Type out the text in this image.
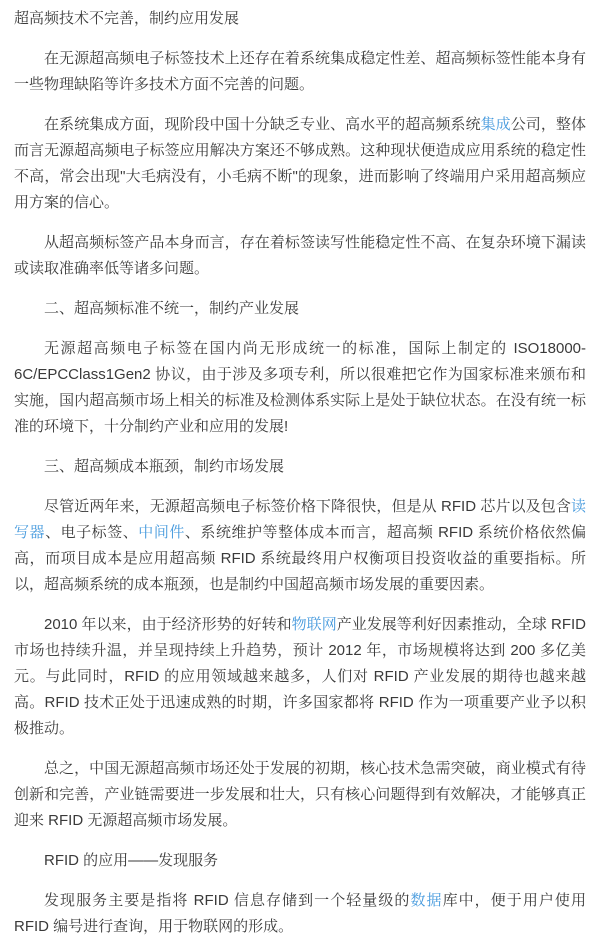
超高频技术不完善，制约应用发展

在无源超高频电子标签技术上还存在着系统集成稳定性差、超高频标签性能本身有一些物理缺陷等许多技术方面不完善的问题。

在系统集成方面，现阶段中国十分缺乏专业、高水平的超高频系统集成公司，整体而言无源超高频电子标签应用解决方案还不够成熟。这种现状便造成应用系统的稳定性不高，常会出现"大毛病没有，小毛病不断"的现象，进而影响了终端用户采用超高频应用方案的信心。

从超高频标签产品本身而言，存在着标签读写性能稳定性不高、在复杂环境下漏读或读取准确率低等诸多问题。

二、超高频标准不统一，制约产业发展

无源超高频电子标签在国内尚无形成统一的标准，国际上制定的 ISO18000-6C/EPCClass1Gen2 协议，由于涉及多项专利，所以很难把它作为国家标准来颁布和实施，国内超高频市场上相关的标准及检测体系实际上是处于缺位状态。在没有统一标准的环境下，十分制约产业和应用的发展!

三、超高频成本瓶颈，制约市场发展

尽管近两年来，无源超高频电子标签价格下降很快，但是从 RFID 芯片以及包含读写器、电子标签、中间件、系统维护等整体成本而言，超高频 RFID 系统价格依然偏高，而项目成本是应用超高频 RFID 系统最终用户权衡项目投资收益的重要指标。所以，超高频系统的成本瓶颈，也是制约中国超高频市场发展的重要因素。

2010 年以来，由于经济形势的好转和物联网产业发展等利好因素推动，全球 RFID 市场也持续升温，并呈现持续上升趋势，预计 2012 年，市场规模将达到 200 多亿美元。与此同时，RFID 的应用领域越来越多，人们对 RFID 产业发展的期待也越来越高。RFID 技术正处于迅速成熟的时期，许多国家都将 RFID 作为一项重要产业予以积极推动。

总之，中国无源超高频市场还处于发展的初期，核心技术急需突破，商业模式有待创新和完善，产业链需要进一步发展和壮大，只有核心问题得到有效解决，才能够真正迎来 RFID 无源超高频市场发展。

RFID 的应用——发现服务

发现服务主要是指将 RFID 信息存储到一个轻量级的数据库中，便于用户使用 RFID 编号进行查询，用于物联网的形成。
